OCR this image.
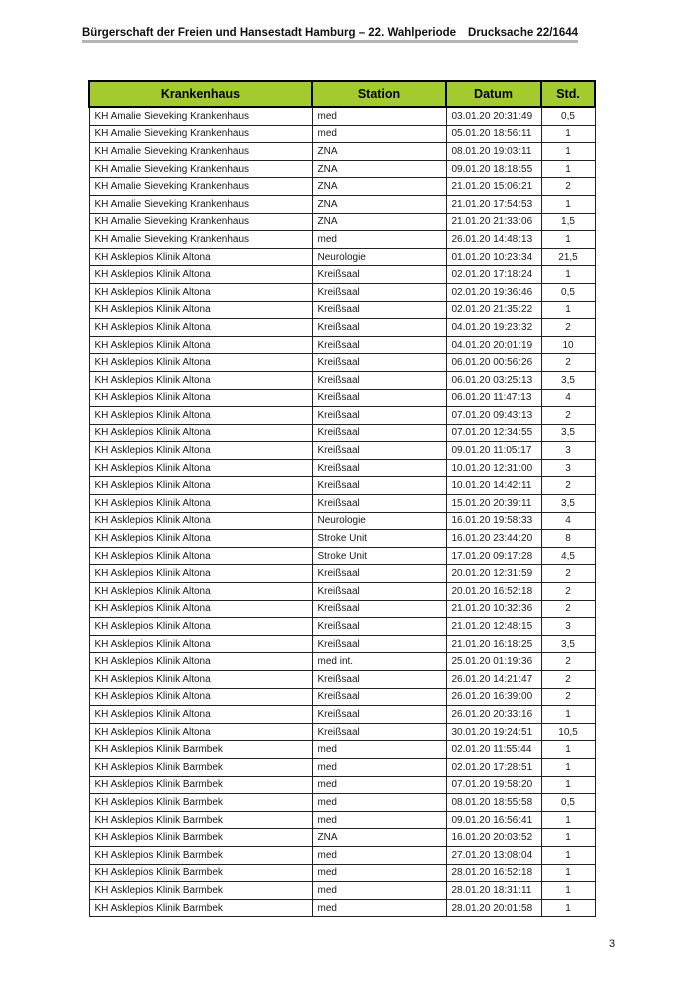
Bürgerschaft der Freien und Hansestadt Hamburg – 22. Wahlperiode Drucksache 22/1644
Krankenhaus	Station	Datum	Std.
KH Amalie Sieveking Krankenhaus	med	03.01.20 20:31:49	0,5
KH Amalie Sieveking Krankenhaus	med	05.01.20 18:56:11	1
KH Amalie Sieveking Krankenhaus	ZNA	08.01.20 19:03:11	1
KH Amalie Sieveking Krankenhaus	ZNA	09.01.20 18:18:55	1
KH Amalie Sieveking Krankenhaus	ZNA	21.01.20 15:06:21	2
KH Amalie Sieveking Krankenhaus	ZNA	21.01.20 17:54:53	1
KH Amalie Sieveking Krankenhaus	ZNA	21.01.20 21:33:06	1,5
KH Amalie Sieveking Krankenhaus	med	26.01.20 14:48:13	1
KH Asklepios Klinik Altona	Neurologie	01.01.20 10:23:34	21,5
KH Asklepios Klinik Altona	Kreißsaal	02.01.20 17:18:24	1
KH Asklepios Klinik Altona	Kreißsaal	02.01.20 19:36:46	0,5
KH Asklepios Klinik Altona	Kreißsaal	02.01.20 21:35:22	1
KH Asklepios Klinik Altona	Kreißsaal	04.01.20 19:23:32	2
KH Asklepios Klinik Altona	Kreißsaal	04.01.20 20:01:19	10
KH Asklepios Klinik Altona	Kreißsaal	06.01.20 00:56:26	2
KH Asklepios Klinik Altona	Kreißsaal	06.01.20 03:25:13	3,5
KH Asklepios Klinik Altona	Kreißsaal	06.01.20 11:47:13	4
KH Asklepios Klinik Altona	Kreißsaal	07.01.20 09:43:13	2
KH Asklepios Klinik Altona	Kreißsaal	07.01.20 12:34:55	3,5
KH Asklepios Klinik Altona	Kreißsaal	09.01.20 11:05:17	3
KH Asklepios Klinik Altona	Kreißsaal	10.01.20 12:31:00	3
KH Asklepios Klinik Altona	Kreißsaal	10.01.20 14:42:11	2
KH Asklepios Klinik Altona	Kreißsaal	15.01.20 20:39:11	3,5
KH Asklepios Klinik Altona	Neurologie	16.01.20 19:58:33	4
KH Asklepios Klinik Altona	Stroke Unit	16.01.20 23:44:20	8
KH Asklepios Klinik Altona	Stroke Unit	17.01.20 09:17:28	4,5
KH Asklepios Klinik Altona	Kreißsaal	20.01.20 12:31:59	2
KH Asklepios Klinik Altona	Kreißsaal	20.01.20 16:52:18	2
KH Asklepios Klinik Altona	Kreißsaal	21.01.20 10:32:36	2
KH Asklepios Klinik Altona	Kreißsaal	21.01.20 12:48:15	3
KH Asklepios Klinik Altona	Kreißsaal	21.01.20 16:18:25	3,5
KH Asklepios Klinik Altona	med int.	25.01.20 01:19:36	2
KH Asklepios Klinik Altona	Kreißsaal	26.01.20 14:21:47	2
KH Asklepios Klinik Altona	Kreißsaal	26.01.20 16:39:00	2
KH Asklepios Klinik Altona	Kreißsaal	26.01.20 20:33:16	1
KH Asklepios Klinik Altona	Kreißsaal	30.01.20 19:24:51	10,5
KH Asklepios Klinik Barmbek	med	02.01.20 11:55:44	1
KH Asklepios Klinik Barmbek	med	02.01.20 17:28:51	1
KH Asklepios Klinik Barmbek	med	07.01.20 19:58:20	1
KH Asklepios Klinik Barmbek	med	08.01.20 18:55:58	0,5
KH Asklepios Klinik Barmbek	med	09.01.20 16:56:41	1
KH Asklepios Klinik Barmbek	ZNA	16.01.20 20:03:52	1
KH Asklepios Klinik Barmbek	med	27.01.20 13:08:04	1
KH Asklepios Klinik Barmbek	med	28.01.20 16:52:18	1
KH Asklepios Klinik Barmbek	med	28.01.20 18:31:11	1
KH Asklepios Klinik Barmbek	med	28.01.20 20:01:58	1
3
